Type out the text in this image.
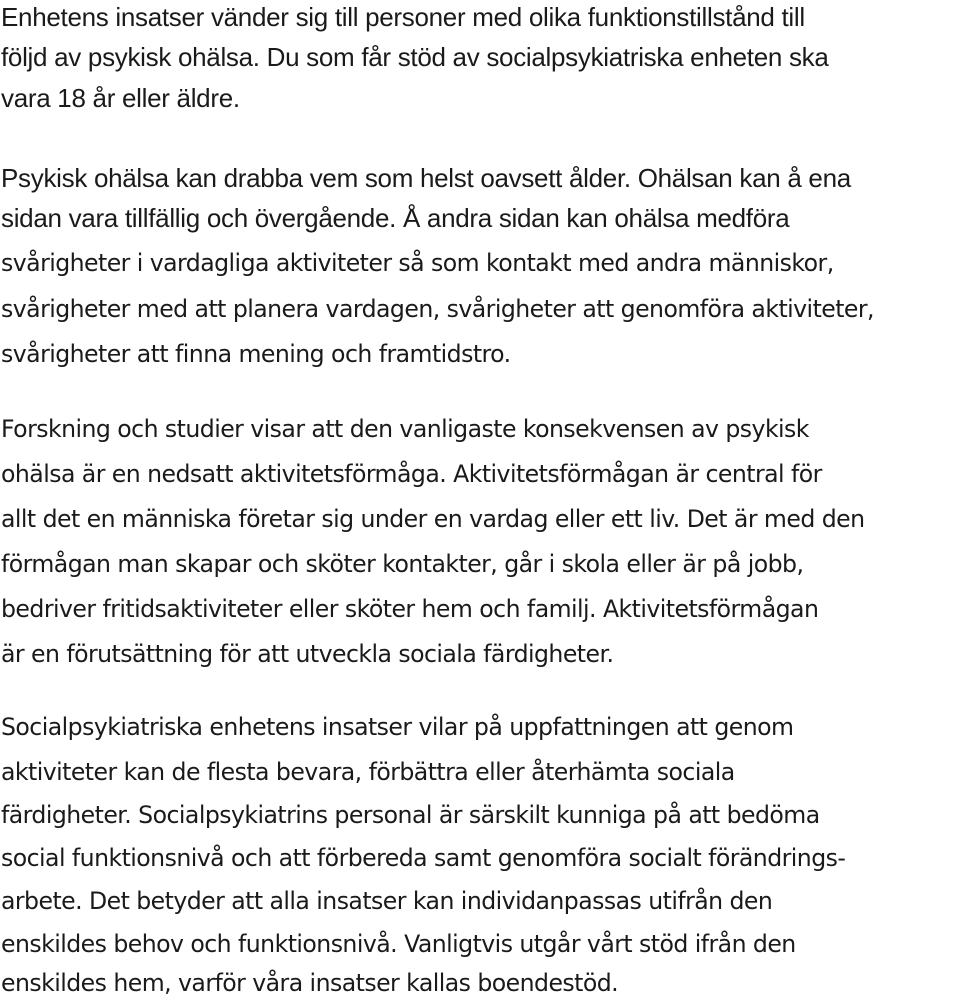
Enhetens insatser vänder sig till personer med olika funktionstillstånd till

följd av psykisk ohälsa. Du som får stöd av socialpsykiatriska enheten ska

vara 18 år eller äldre.

Psykisk ohälsa kan drabba vem som helst oavsett ålder. Ohälsan kan å ena

sidan vara tillfällig och övergående. Å andra sidan kan ohälsa medföra

svårigheter i vardagliga aktiviteter så som kontakt med andra människor,

svårigheter med att planera vardagen, svårigheter att genomföra aktiviteter,

svårigheter att finna mening och framtidstro.

Forskning och studier visar att den vanligaste konsekvensen av psykisk

ohälsa är en nedsatt aktivitetsförmåga. Aktivitetsförmågan är central för

allt det en människa företar sig under en vardag eller ett liv. Det är med den

förmågan man skapar och sköter kontakter, går i skola eller är på jobb,

bedriver fritidsaktiviteter eller sköter hem och familj. Aktivitetsförmågan

är en förutsättning för att utveckla sociala färdigheter.

Socialpsykiatriska enhetens insatser vilar på uppfattningen att genom

aktiviteter kan de flesta bevara, förbättra eller återhämta sociala

färdigheter. Socialpsykiatrins personal är särskilt kunniga på att bedöma

social funktionsnivå och att förbereda samt genomföra socialt förändrings-

arbete. Det betyder att alla insatser kan individanpassas utifrån den

enskildes behov och funktionsnivå. Vanligtvis utgår vårt stöd ifrån den

enskildes hem, varför våra insatser kallas boendestöd.
